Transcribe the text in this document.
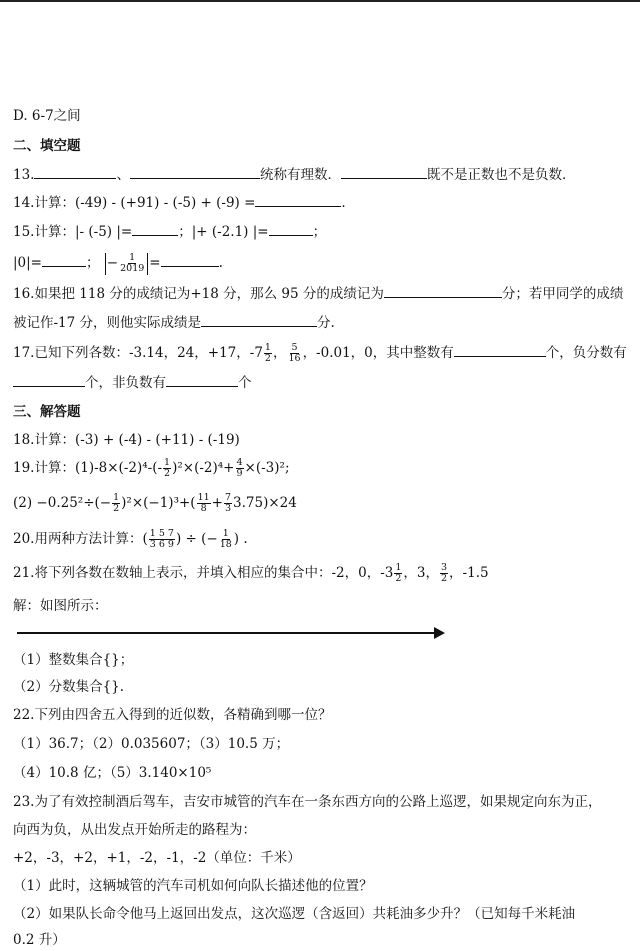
D. 6-7之间
二、填空题
13.	、	统称有理数．	既不是正数也不是负数．
14.计算：(-49) - (+91) - (-5) + (-9) =	.
15.计算：|- (-5) |=	；|+ (-2.1) |=	；
|0|=	； − $\frac{1}{2019}$ =	.
16.如果把 118 分的成绩记为+18 分，那么 95 分的成绩记为	分；若甲同学的成绩
被记作-17 分，则他实际成绩是	分.
17.已知下列各数：-3.14，24，+17，$-7 \frac{1}{2}$ ， $\frac{5}{16}$ ，-0.01，0，其中整数有	个，负分数有
个，非负数有	个
三、解答题
18.计算：(-3) + (-4) - (+11) - (-19)
19.计算：$(1)-8\times(-2)^4-(- \frac{1}{2} )^2\times(-2)^4+ \frac{4}{9} \times(-3)^2$;
$(2) -0.25^2\div(- \frac{1}{2} )^2\times(-1)^3+( \frac{11}{8} + \frac{7}{3} 3.75)\times 24$
20.用两种方法计算：( $\frac{1 5 7}{3 6 9}$ ) ÷ (− $\frac{1}{18}$ ) .
21.将下列各数在数轴上表示，并填入相应的集合中：-2，0，$-3 \frac{1}{2}$ ，3， $\frac{3}{2}$ ，-1.5
解：如图所示：
（1）整数集合{}；
（2）分数集合{}.
22.下列由四舍五入得到的近似数，各精确到哪一位？
（1）36.7；（2）0.035607；（3）10.5 万；
（4）10.8 亿；（5）3.140×10⁵
23.为了有效控制酒后驾车，吉安市城管的汽车在一条东西方向的公路上巡逻，如果规定向东为正，
向西为负，从出发点开始所走的路程为：
+2，-3，+2，+1，-2，-1，-2（单位：千米）
（1）此时，这辆城管的汽车司机如何向队长描述他的位置？
（2）如果队长命令他马上返回出发点，这次巡逻（含返回）共耗油多少升？（已知每千米耗油
0.2 升）
